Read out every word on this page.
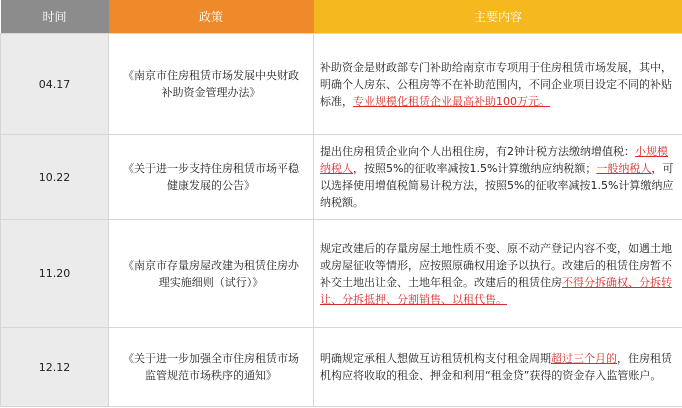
时间	政策	主要内容
04.17	《南京市住房租赁市场发展中央财政补助资金管理办法》	补助资金是财政部专门补助给南京市专项用于住房租赁市场发展，其中，明确个人房东、公租房等不在补助范围内，不同企业项目设定不同的补贴标准，专业规模化租赁企业最高补助100万元。
10.22	《关于进一步支持住房租赁市场平稳健康发展的公告》	提出住房租赁企业向个人出租住房，有2钟计税方法缴纳增值税：小规模纳税人，按照5%的征收率减按1.5%计算缴纳应纳税额；一般纳税人，可以选择使用增值税简易计税方法，按照5%的征收率减按1.5%计算缴纳应纳税额。
11.20	《南京市存量房屋改建为租赁住房办理实施细则（试行）》	规定改建后的存量房屋土地性质不变、原不动产登记内容不变，如遇土地或房屋征收等情形，应按照原确权用途予以执行。改建后的租赁住房暂不补交土地出让金、土地年租金。改建后的租赁住房不得分拆确权、分拆转让、分拆抵押、分割销售、以租代售。
12.12	《关于进一步加强全市住房租赁市场监管规范市场秩序的通知》	明确规定承租人想做互访租赁机构支付租金周期超过三个月的，住房租赁机构应将收取的租金、押金和利用“租金贷”获得的资金存入监管账户。
